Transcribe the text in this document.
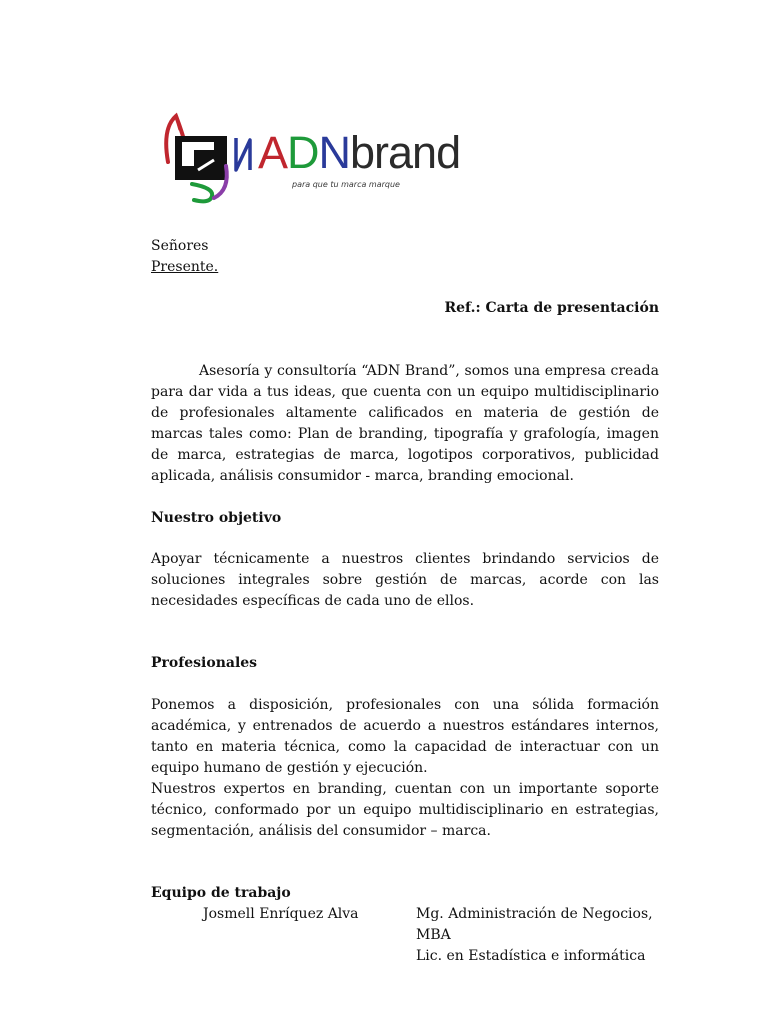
ADNbrand
para que tu marca marque
Señores
Presente.
Ref.: Carta de presentación
Asesoría y consultoría “ADN Brand”, somos una empresa creada para dar vida a tus ideas, que cuenta con un equipo multidisciplinario de profesionales altamente calificados en materia de gestión de marcas tales como: Plan de branding, tipografía y grafología, imagen de marca, estrategias de marca, logotipos corporativos, publicidad aplicada, análisis consumidor - marca, branding emocional.
Nuestro objetivo
Apoyar técnicamente a nuestros clientes brindando servicios de soluciones integrales sobre gestión de marcas, acorde con las necesidades específicas de cada uno de ellos.
Profesionales
Ponemos a disposición, profesionales con una sólida formación académica, y entrenados de acuerdo a nuestros estándares internos, tanto en materia técnica, como la capacidad de interactuar con un equipo humano de gestión y ejecución.
Nuestros expertos en branding, cuentan con un importante soporte técnico, conformado por un equipo multidisciplinario en estrategias, segmentación, análisis del consumidor – marca.
Equipo de trabajo
Josmell Enríquez Alva	Mg. Administración de Negocios, MBA
Lic. en Estadística e informática
